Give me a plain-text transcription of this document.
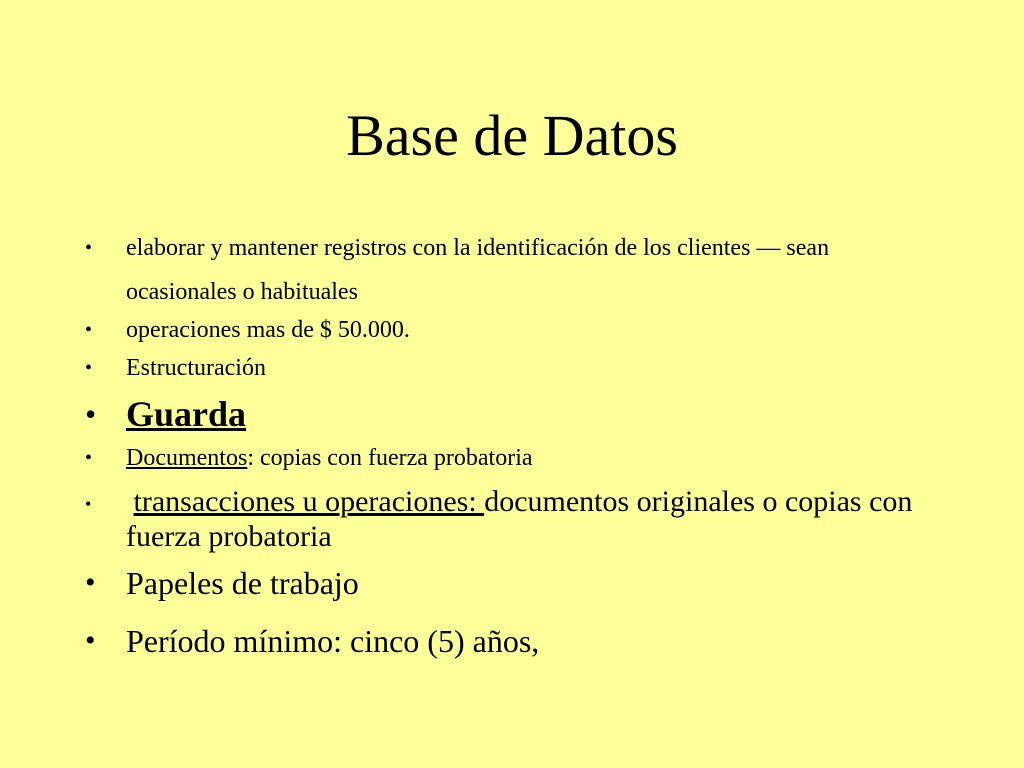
Base de Datos
• elaborar y mantener registros con la identificación de los clientes — sean ocasionales o habituales
• operaciones mas de $ 50.000.
• Estructuración
• Guarda
• Documentos: copias con fuerza probatoria
• transacciones u operaciones: documentos originales o copias con fuerza probatoria
• Papeles de trabajo
• Período mínimo: cinco (5) años,
